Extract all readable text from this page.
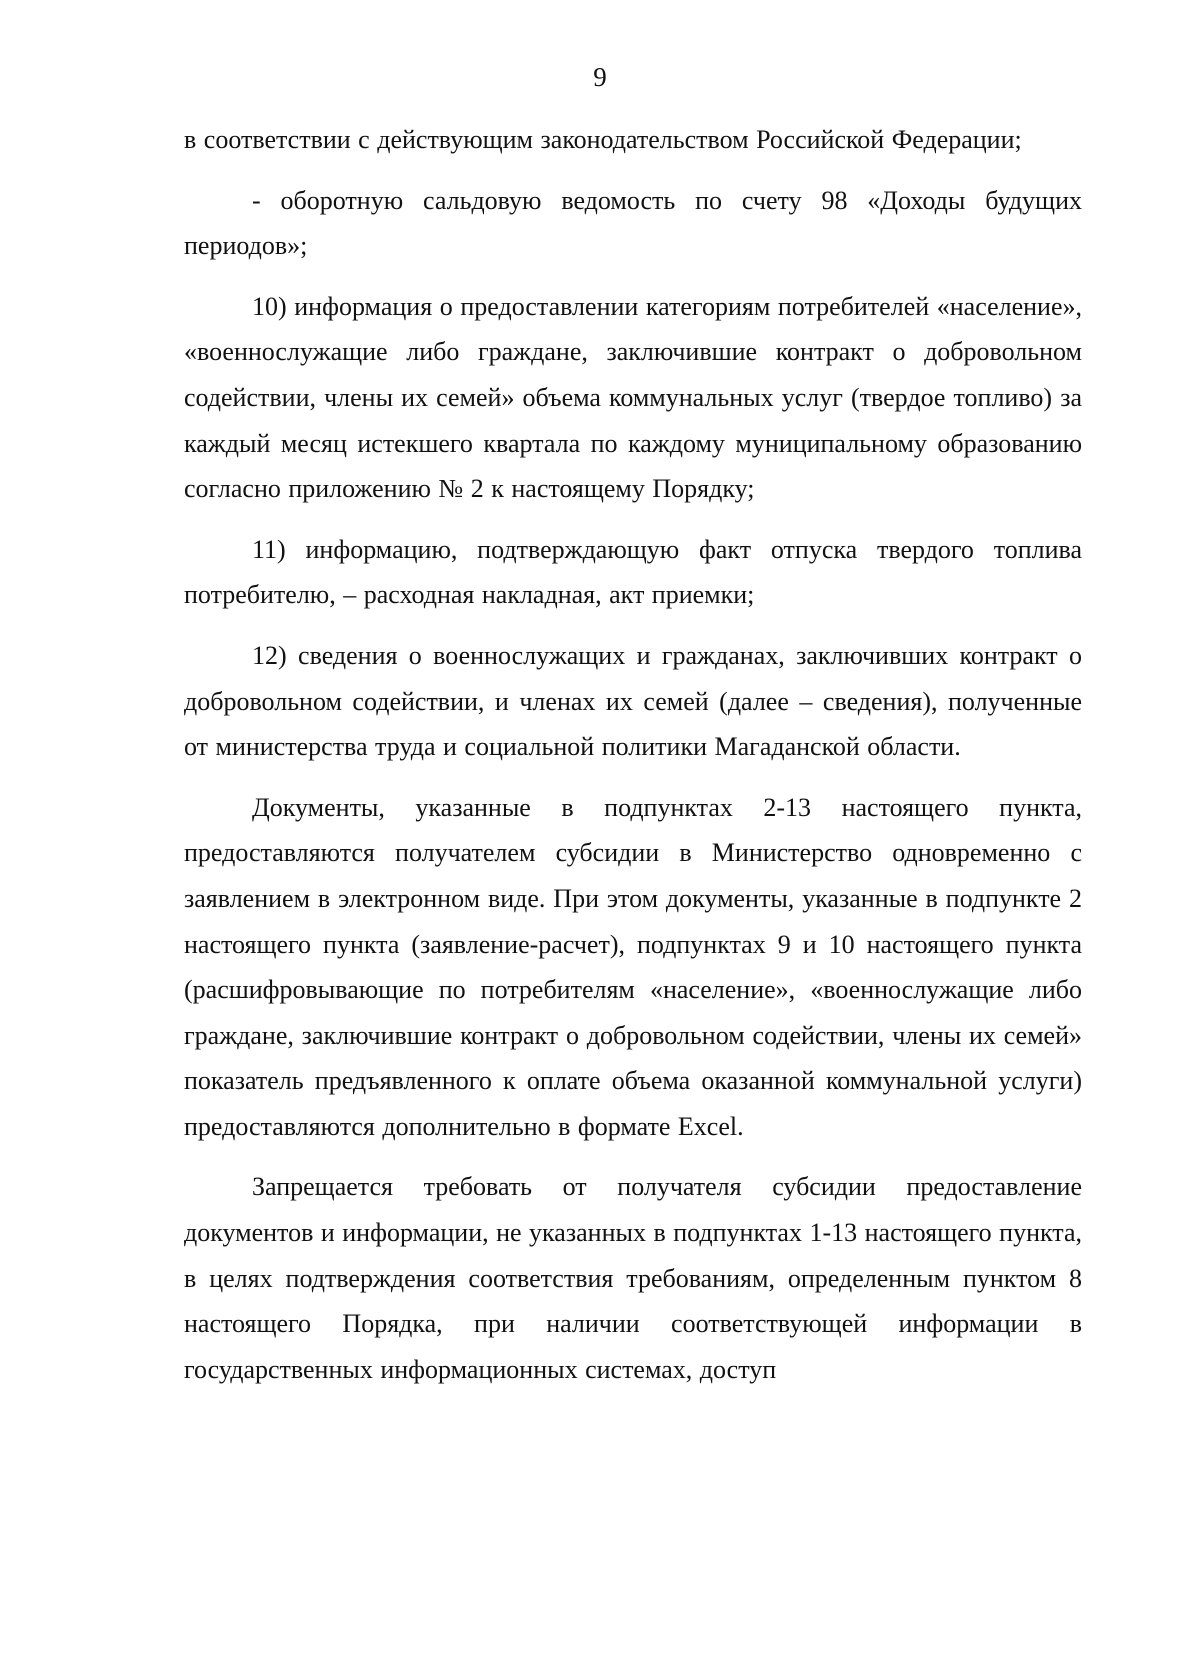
9

в соответствии с действующим законодательством Российской Федерации;

- оборотную сальдовую ведомость по счету 98 «Доходы будущих периодов»;

10) информация о предоставлении категориям потребителей «население», «военнослужащие либо граждане, заключившие контракт о добровольном содействии, члены их семей» объема коммунальных услуг (твердое топливо) за каждый месяц истекшего квартала по каждому муниципальному образованию согласно приложению № 2 к настоящему Порядку;

11) информацию, подтверждающую факт отпуска твердого топлива потребителю, – расходная накладная, акт приемки;

12) сведения о военнослужащих и гражданах, заключивших контракт о добровольном содействии, и членах их семей (далее – сведения), полученные от министерства труда и социальной политики Магаданской области.

Документы, указанные в подпунктах 2-13 настоящего пункта, предоставляются получателем субсидии в Министерство одновременно с заявлением в электронном виде. При этом документы, указанные в подпункте 2 настоящего пункта (заявление-расчет), подпунктах 9 и 10 настоящего пункта (расшифровывающие по потребителям «население», «военнослужащие либо граждане, заключившие контракт о добровольном содействии, члены их семей» показатель предъявленного к оплате объема оказанной коммунальной услуги) предоставляются дополнительно в формате Excel.

Запрещается требовать от получателя субсидии предоставление документов и информации, не указанных в подпунктах 1-13 настоящего пункта, в целях подтверждения соответствия требованиям, определенным пунктом 8 настоящего Порядка, при наличии соответствующей информации в государственных информационных системах, доступ
